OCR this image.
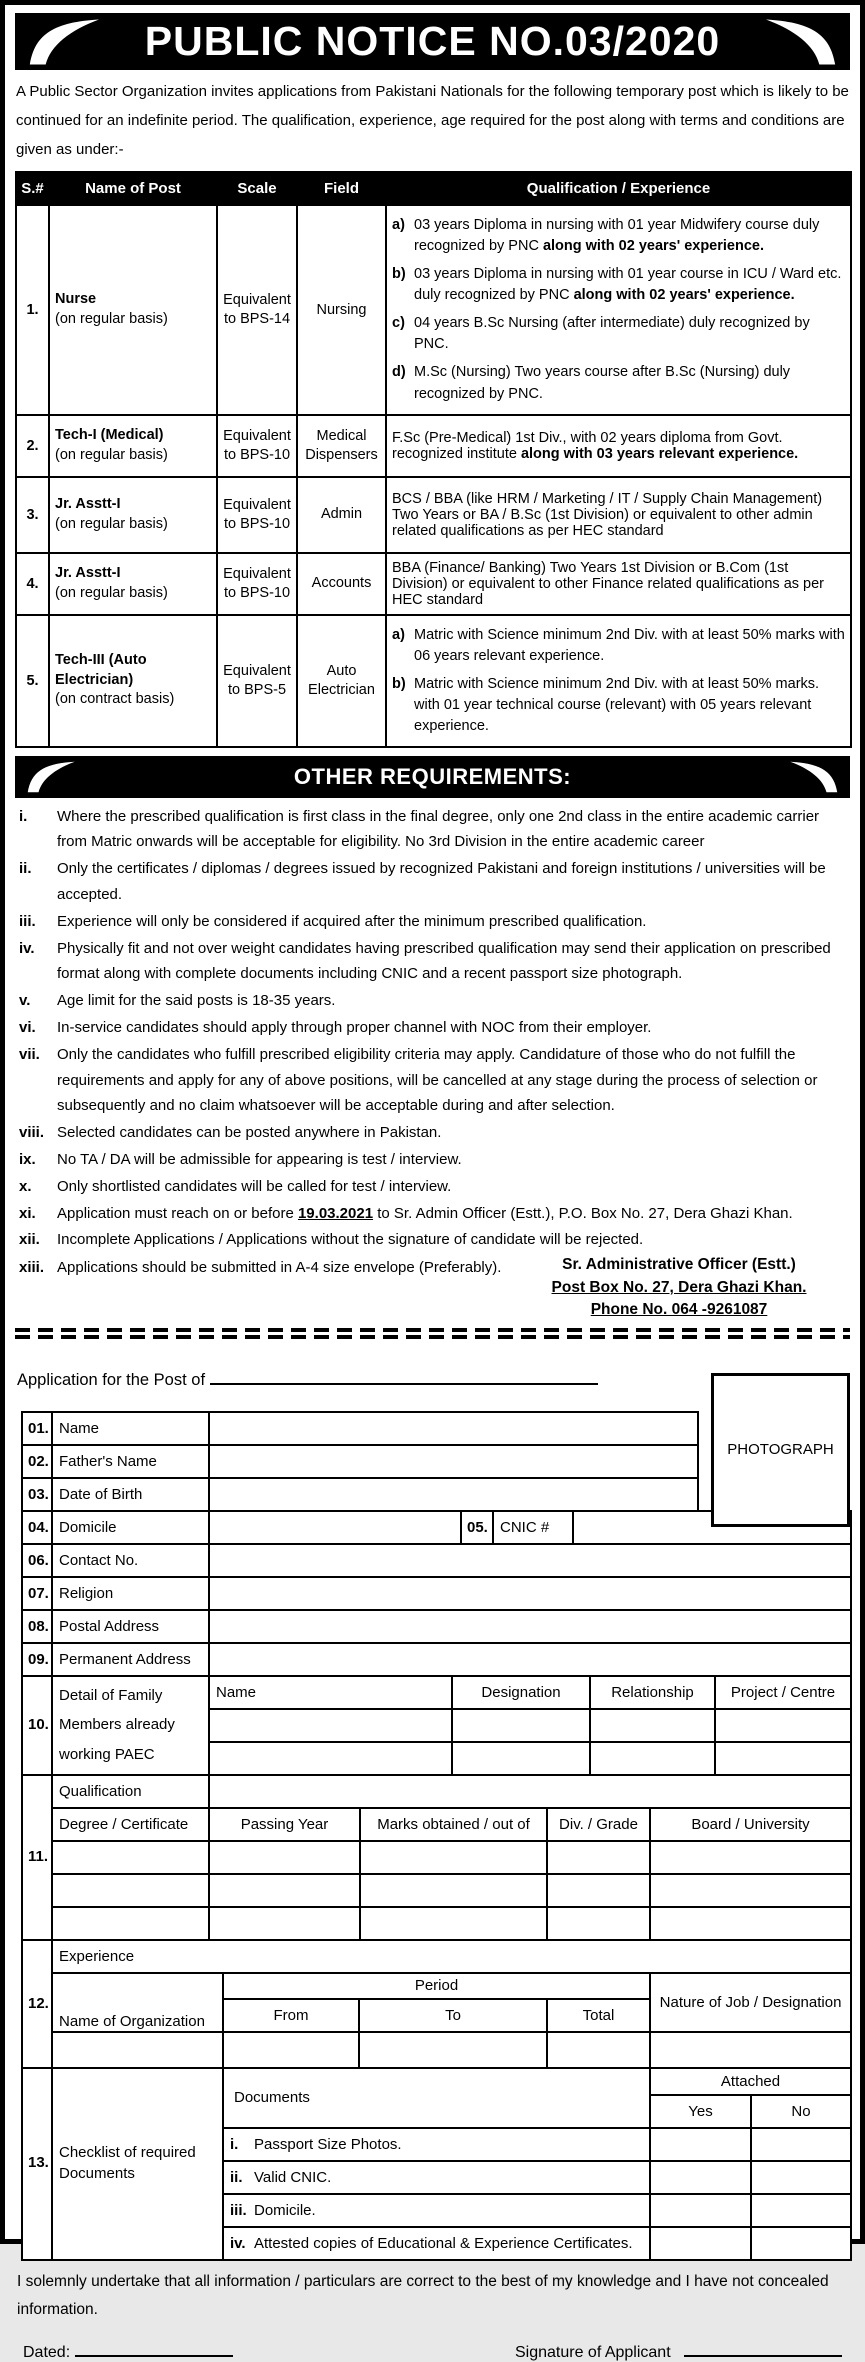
PUBLIC NOTICE NO.03/2020

A Public Sector Organization invites applications from Pakistani Nationals for the following temporary post which is likely to be continued for an indefinite period. The qualification, experience, age required for the post along with terms and conditions are given as under:-

S.#	Name of Post	Scale	Field	Qualification / Experience
1.	
Nurse
(on regular basis)
	Equivalent to BPS-14	Nursing	
a) 03 years Diploma in nursing with 01 year Midwifery course duly recognized by PNC along with 02 years' experience.
b) 03 years Diploma in nursing with 01 year course in ICU / Ward etc. duly recognized by PNC along with 02 years' experience.
c) 04 years B.Sc Nursing (after intermediate) duly recognized by PNC.
d) M.Sc (Nursing) Two years course after B.Sc (Nursing) duly recognized by PNC.

2.	Tech-I (Medical)
(on regular basis)	Equivalent to BPS-10	Medical Dispensers	F.Sc (Pre-Medical) 1st Div., with 02 years diploma from Govt. recognized institute along with 03 years relevant experience.

3.	Jr. Asstt-I
(on regular basis)	Equivalent to BPS-10	Admin	BCS / BBA (like HRM / Marketing / IT / Supply Chain Management) Two Years or BA / B.Sc (1st Division) or equivalent to other admin related qualifications as per HEC standard

4.	Jr. Asstt-I
(on regular basis)	Equivalent to BPS-10	Accounts	BBA (Finance/ Banking) Two Years 1st Division or B.Com (1st Division) or equivalent to other Finance related qualifications as per HEC standard

5.	
Tech-III (Auto Electrician)
(on contract basis)
	Equivalent to BPS-5	Auto Electrician	
a) Matric with Science minimum 2nd Div. with at least 50% marks with 06 years relevant experience.
b) Matric with Science minimum 2nd Div. with at least 50% marks. with 01 year technical course (relevant) with 05 years relevant experience.
OTHER REQUIREMENTS:
i.	Where the prescribed qualification is first class in the final degree, only one 2nd class in the entire academic carrier from Matric onwards will be acceptable for eligibility. No 3rd Division in the entire academic career
ii.	Only the certificates / diplomas / degrees issued by recognized Pakistani and foreign institutions / universities will be accepted.
iii.	Experience will only be considered if acquired after the minimum prescribed qualification.
iv.	Physically fit and not over weight candidates having prescribed qualification may send their application on prescribed format along with complete documents including CNIC and a recent passport size photograph.
v.	Age limit for the said posts is 18-35 years.
vi.	In-service candidates should apply through proper channel with NOC from their employer.
vii.	Only the candidates who fulfill prescribed eligibility criteria may apply. Candidature of those who do not fulfill the requirements and apply for any of above positions, will be cancelled at any stage during the process of selection or subsequently and no claim whatsoever will be acceptable during and after selection.
viii. Selected candidates can be posted anywhere in Pakistan.
ix.	No TA / DA will be admissible for appearing is test / interview.
x.	Only shortlisted candidates will be called for test / interview.
xi.	Application must reach on or before 19.03.2021 to Sr. Admin Officer (Estt.), P.O. Box No. 27, Dera Ghazi Khan.
xii.	Incomplete Applications / Applications without the signature of candidate will be rejected.
xiii. Applications should be submitted in A-4 size envelope (Preferably).	Sr. Administrative Officer (Estt.)
Post Box No. 27, Dera Ghazi Khan.
Phone No. 064 -9261087
PHOTOGRAPH
Application for the Post of
01.	Name	
02.	Father's Name	
03.	Date of Birth	
04.	Domicile		05.	CNIC #	
06.	Contact No.	
07.	Religion	
08.	Postal Address	
09.	Permanent Address	
10.	Detail of Family Members already working PAEC	Name	Designation	Relationship	Project / Centre

11.	Qualification				
	Degree / Certificate	Passing Year	Marks obtained / out of	Div. / Grade	Board / University

12.	Experience				
	Name of Organization	Period			Nature of Job / Designation
		From	To	Total	

13.	Checklist of required Documents	Documents	Attached	
			Yes	No
		i. Passport Size Photos.		
		ii. Valid CNIC.		
		iii. Domicile.		
		iv. Attested copies of Educational & Experience Certificates.		

I solemnly undertake that all information / particulars are correct to the best of my knowledge and I have not concealed information.

Dated:	Signature of Applicant
